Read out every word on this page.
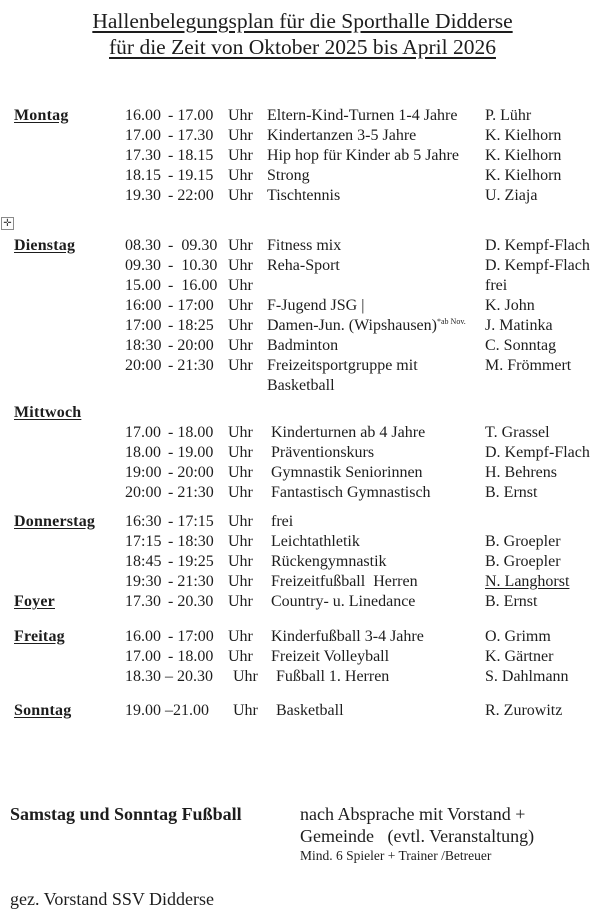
Hallenbelegungsplan für die Sporthalle Didderse
für die Zeit von Oktober 2025 bis April 2026
✛
Montag	16.00 - 17.00 Uhr Eltern-Kind-Turnen 1-4 Jahre	P. Lühr
17.00 - 17.30 Uhr Kindertanzen 3-5 Jahre	K. Kielhorn
17.30 - 18.15 Uhr Hip hop für Kinder ab 5 Jahre	K. Kielhorn
18.15 - 19.15 Uhr Strong	K. Kielhorn
19.30 - 22:00 Uhr Tischtennis	U. Ziaja
Dienstag	08.30 -  09.30 Uhr Fitness mix	D. Kempf-Flach
09.30 -  10.30 Uhr Reha-Sport	D. Kempf-Flach
15.00 -  16.00 Uhr	frei
16:00 - 17:00 Uhr F-Jugend JSG |	K. John
17:00 - 18:25 Uhr Damen-Jun. (Wipshausen)$^{*ab Nov.}$	J. Matinka
18:30 - 20:00 Uhr Badminton	C. Sonntag
20:00 - 21:30 Uhr Freizeitsportgruppe mit	M. Frömmert
Basketball
Mittwoch
17.00 - 18.00 Uhr Kinderturnen ab 4 Jahre	T. Grassel
18.00 - 19.00 Uhr Präventionskurs	D. Kempf-Flach
19:00 - 20:00 Uhr Gymnastik Seniorinnen	H. Behrens
20:00 - 21:30 Uhr Fantastisch Gymnastisch	B. Ernst
Donnerstag	16:30 - 17:15 Uhr frei
17:15 - 18:30 Uhr Leichtathletik	B. Groepler
18:45 - 19:25 Uhr Rückengymnastik	B. Groepler
19:30 - 21:30 Uhr Freizeitfußball  Herren	N. Langhorst
Foyer	17.30 - 20.30 Uhr Country- u. Linedance	B. Ernst
Freitag	16.00 - 17:00 Uhr Kinderfußball 3-4 Jahre	O. Grimm
17.00 - 18.00 Uhr Freizeit Volleyball	K. Gärtner
18.30 – 20.30	Uhr Fußball 1. Herren	S. Dahlmann
Sonntag	19.00 – 21.00	Uhr Basketball	R. Zurowitz
Samstag und Sonntag Fußball	nach Absprache mit Vorstand +
Gemeinde   (evtl. Veranstaltung)
Mind. 6 Spieler + Trainer /Betreuer
gez. Vorstand SSV Didderse
